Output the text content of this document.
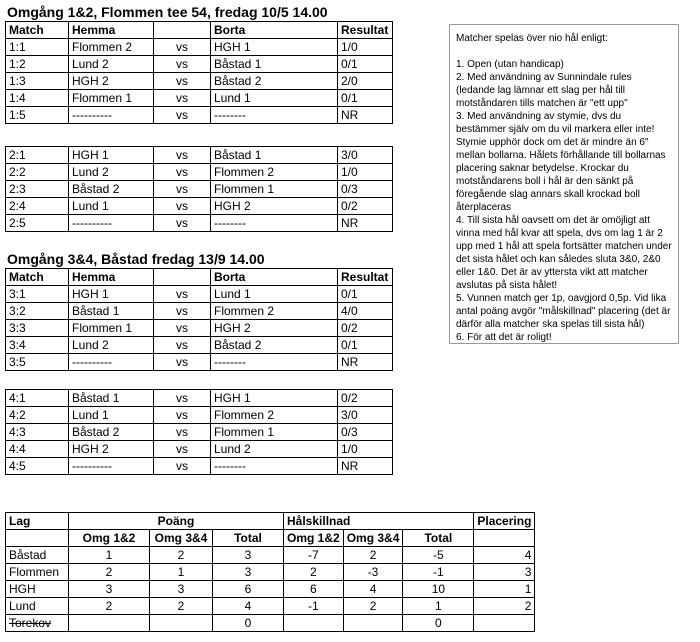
Omgång 1&2, Flommen tee 54, fredag 10/5 14.00
Match	Hemma		Borta	Resultat
1:1	Flommen 2	vs	HGH 1	1/0
1:2	Lund 2	vs	Båstad 1	0/1
1:3	HGH 2	vs	Båstad 2	2/0
1:4	Flommen 1	vs	Lund 1	0/1
1:5	----------	vs	--------	NR
2:1	HGH 1	vs	Båstad 1	3/0
2:2	Lund 2	vs	Flommen 2	1/0
2:3	Båstad 2	vs	Flommen 1	0/3
2:4	Lund 1	vs	HGH 2	0/2
2:5	----------	vs	--------	NR
Omgång 3&4, Båstad fredag 13/9 14.00
Match	Hemma		Borta	Resultat
3:1	HGH 1	vs	Lund 1	0/1
3:2	Båstad 1	vs	Flommen 2	4/0
3:3	Flommen 1	vs	HGH 2	0/2
3:4	Lund 2	vs	Båstad 2	0/1
3:5	----------	vs	--------	NR
4:1	Båstad 1	vs	HGH 1	0/2
4:2	Lund 1	vs	Flommen 2	3/0
4:3	Båstad 2	vs	Flommen 1	0/3
4:4	HGH 2	vs	Lund 2	1/0
4:5	----------	vs	--------	NR

Matcher spelas över nio hål enligt:

1. Open (utan handicap)

2. Med användning av Sunnindale rules (ledande lag lämnar ett slag per hål till motståndaren tills matchen är "ett upp"

3. Med användning av stymie, dvs du bestämmer själv om du vil markera eller inte! Stymie upphör dock om det är mindre än 6" mellan bollarna. Hålets förhållande till bollarnas placering saknar betydelse. Krockar du motståndarens boll i hål är den sänkt på föregående slag annars skall krockad boll återplaceras

4. Till sista hål oavsett om det är omöjligt att vinna med hål kvar att spela, dvs om lag 1 är 2 upp med 1 hål att spela fortsätter matchen under det sista hålet och kan således sluta 3&0, 2&0 eller 1&0. Det är av yttersta vikt att matcher avslutas på sista hålet!

5. Vunnen match ger 1p, oavgjord 0,5p. Vid lika antal poäng avgör "målskillnad" placering (det är därför alla matcher ska spelas till sista hål)

6. För att det är roligt!

Lag	Poäng			Hålskillnad			Placering
	Omg 1&2	Omg 3&4	Total	Omg 1&2	Omg 3&4	Total	
Båstad	1	2	3	-7	2	-5	4
Flommen	2	1	3	2	-3	-1	3
HGH	3	3	6	6	4	10	1
Lund	2	2	4	-1	2	1	2
Torekov			0			0	
